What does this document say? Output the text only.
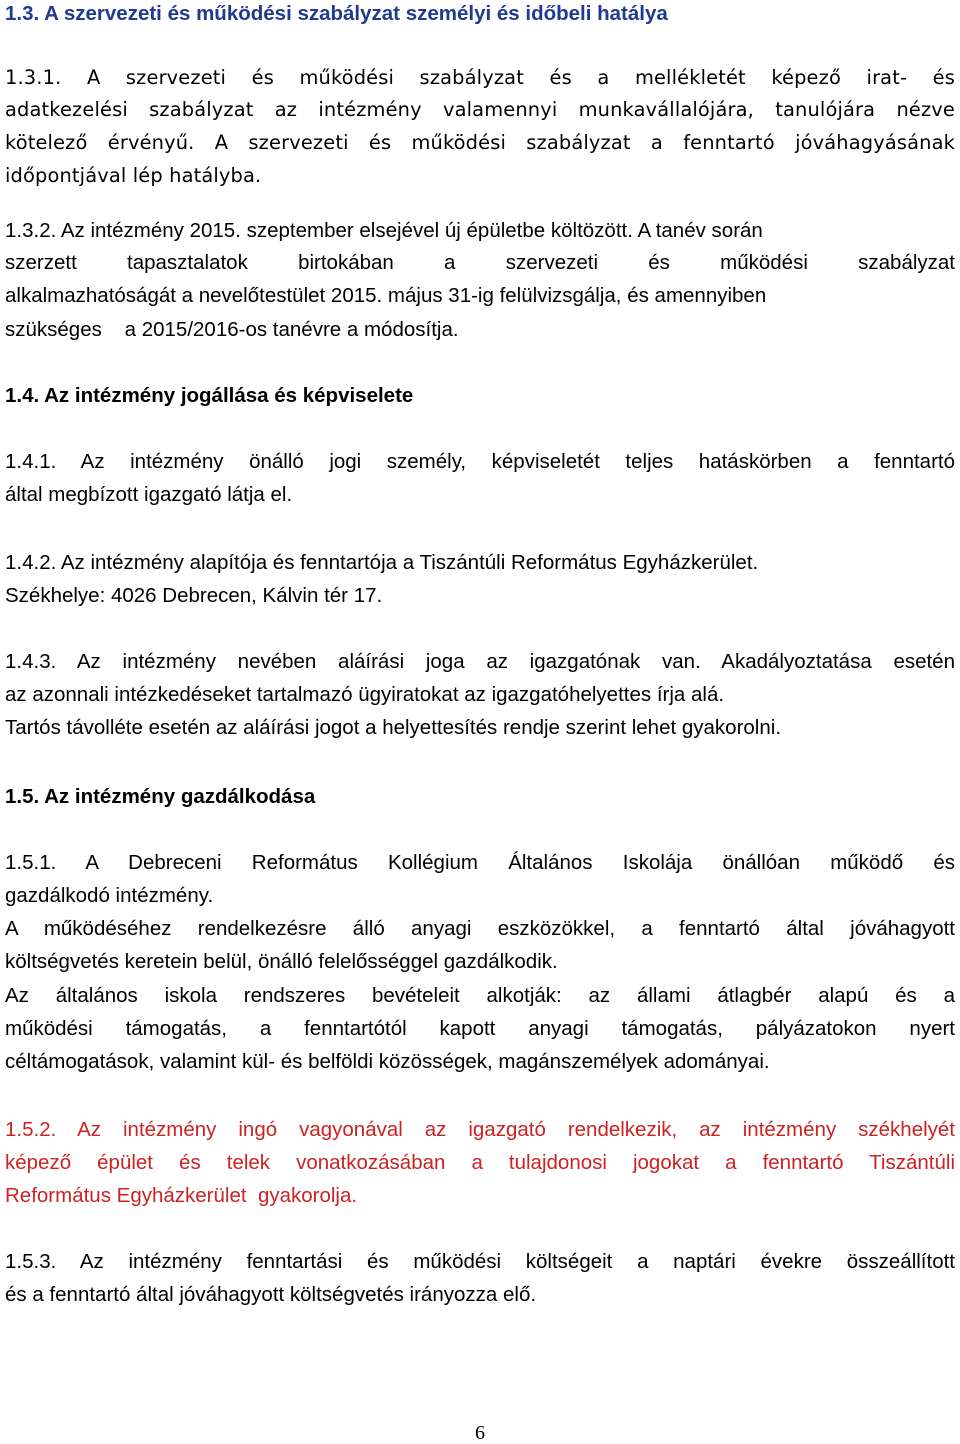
1.3. A szervezeti és működési szabályzat személyi és időbeli hatálya
1.3.1. A szervezeti és működési szabályzat és a mellékletét képező irat- és
adatkezelési szabályzat az intézmény valamennyi munkavállalójára, tanulójára nézve
kötelező érvényű. A szervezeti és működési szabályzat a fenntartó jóváhagyásának
időpontjával lép hatályba.
1.3.2. Az intézmény 2015. szeptember elsejével új épületbe költözött. A tanév során
szerzett tapasztalatok birtokában a szervezeti és működési szabályzat
alkalmazhatóságát a nevelőtestület 2015. május 31-ig felülvizsgálja, és amennyiben
szükséges    a 2015/2016-os tanévre a módosítja.
1.4. Az intézmény jogállása és képviselete
1.4.1. Az intézmény önálló jogi személy, képviseletét teljes hatáskörben a fenntartó
által megbízott igazgató látja el.
1.4.2. Az intézmény alapítója és fenntartója a Tiszántúli Református Egyházkerület.
Székhelye: 4026 Debrecen, Kálvin tér 17.
1.4.3. Az intézmény nevében aláírási joga az igazgatónak van. Akadályoztatása esetén
az azonnali intézkedéseket tartalmazó ügyiratokat az igazgatóhelyettes írja alá.
Tartós távolléte esetén az aláírási jogot a helyettesítés rendje szerint lehet gyakorolni.
1.5. Az intézmény gazdálkodása
1.5.1. A Debreceni Református Kollégium Általános Iskolája önállóan működő és
gazdálkodó intézmény.
A működéséhez rendelkezésre álló anyagi eszközökkel, a fenntartó által jóváhagyott
költségvetés keretein belül, önálló felelősséggel gazdálkodik.
Az általános iskola rendszeres bevételeit alkotják: az állami átlagbér alapú és a
működési támogatás, a fenntartótól kapott anyagi támogatás, pályázatokon nyert
céltámogatások, valamint kül- és belföldi közösségek, magánszemélyek adományai.
1.5.2. Az intézmény ingó vagyonával az igazgató rendelkezik, az intézmény székhelyét
képező épület és telek vonatkozásában a tulajdonosi jogokat a fenntartó Tiszántúli
Református Egyházkerület  gyakorolja.
1.5.3. Az intézmény fenntartási és működési költségeit a naptári évekre összeállított
és a fenntartó által jóváhagyott költségvetés irányozza elő.
6
